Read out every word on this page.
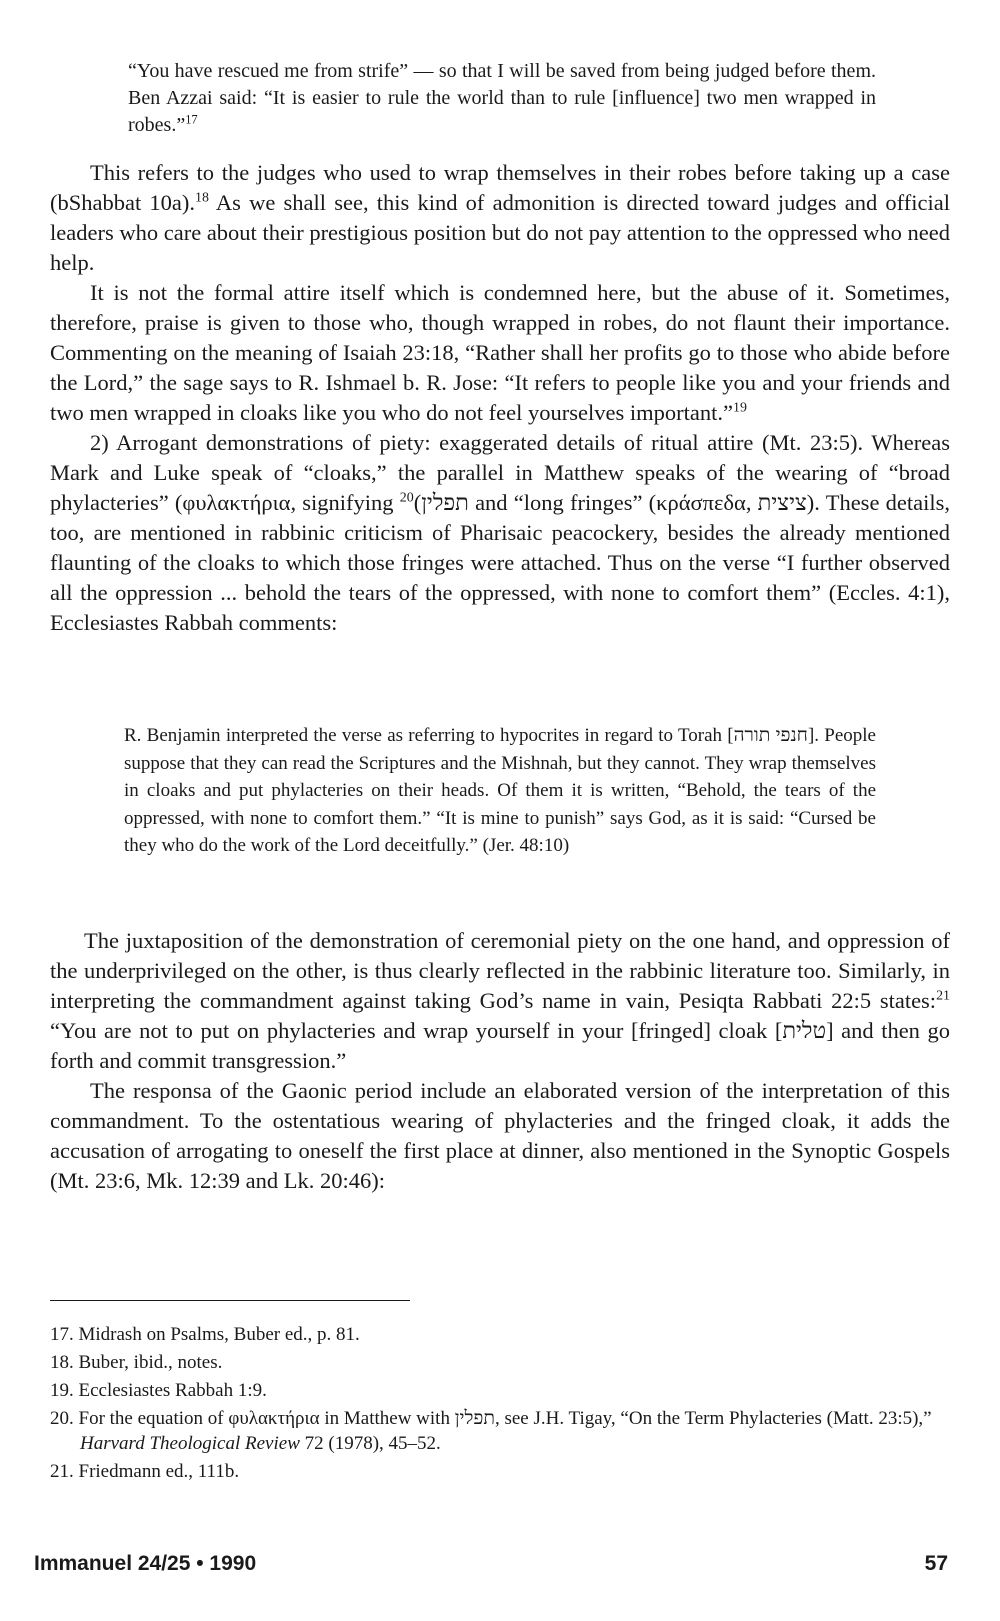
“You have rescued me from strife” — so that I will be saved from being judged before them. Ben Azzai said: “It is easier to rule the world than to rule [influence] two men wrapped in robes.”$^{17}$

This refers to the judges who used to wrap themselves in their robes before taking up a case (bShabbat 10a).$^{18}$ As we shall see, this kind of admonition is directed toward judges and official leaders who care about their prestigious position but do not pay attention to the oppressed who need help.

It is not the formal attire itself which is condemned here, but the abuse of it. Sometimes, therefore, praise is given to those who, though wrapped in robes, do not flaunt their importance. Commenting on the meaning of Isaiah 23:18, “Rather shall her profits go to those who abide before the Lord,” the sage says to R. Ishmael b. R. Jose: “It refers to people like you and your friends and two men wrapped in cloaks like you who do not feel yourselves important.”$^{19}$

2) Arrogant demonstrations of piety: exaggerated details of ritual attire (Mt. 23:5). Whereas Mark and Luke speak of “cloaks,” the parallel in Matthew speaks of the wearing of “broad phylacteries” (φυλακτήρια, signifying תפלין)$^{20}$ and “long fringes” (κράσπεδα, ציצית). These details, too, are mentioned in rabbinic criticism of Pharisaic peacockery, besides the already mentioned flaunting of the cloaks to which those fringes were attached. Thus on the verse “I further observed all the oppression ... behold the tears of the oppressed, with none to comfort them” (Eccles. 4:1), Ecclesiastes Rabbah comments:

R. Benjamin interpreted the verse as referring to hypocrites in regard to Torah [חנפי תורה]. People suppose that they can read the Scriptures and the Mishnah, but they cannot. They wrap themselves in cloaks and put phylacteries on their heads. Of them it is written, “Behold, the tears of the oppressed, with none to comfort them.” “It is mine to punish” says God, as it is said: “Cursed be they who do the work of the Lord deceitfully.” (Jer. 48:10)

The juxtaposition of the demonstration of ceremonial piety on the one hand, and oppression of the underprivileged on the other, is thus clearly reflected in the rabbinic literature too. Similarly, in interpreting the commandment against taking God’s name in vain, Pesiqta Rabbati 22:5 states:$^{21}$ “You are not to put on phylacteries and wrap yourself in your [fringed] cloak [טלית] and then go forth and commit transgression.”

The responsa of the Gaonic period include an elaborated version of the interpretation of this commandment. To the ostentatious wearing of phylacteries and the fringed cloak, it adds the accusation of arrogating to oneself the first place at dinner, also mentioned in the Synoptic Gospels (Mt. 23:6, Mk. 12:39 and Lk. 20:46):

17. Midrash on Psalms, Buber ed., p. 81.

18. Buber, ibid., notes.

19. Ecclesiastes Rabbah 1:9.

20. For the equation of φυλακτήρια in Matthew with תפלין, see J.H. Tigay, “On the Term Phylacteries (Matt. 23:5),” Harvard Theological Review 72 (1978), 45–52.

21. Friedmann ed., 111b.

Immanuel 24/25 • 1990	57
